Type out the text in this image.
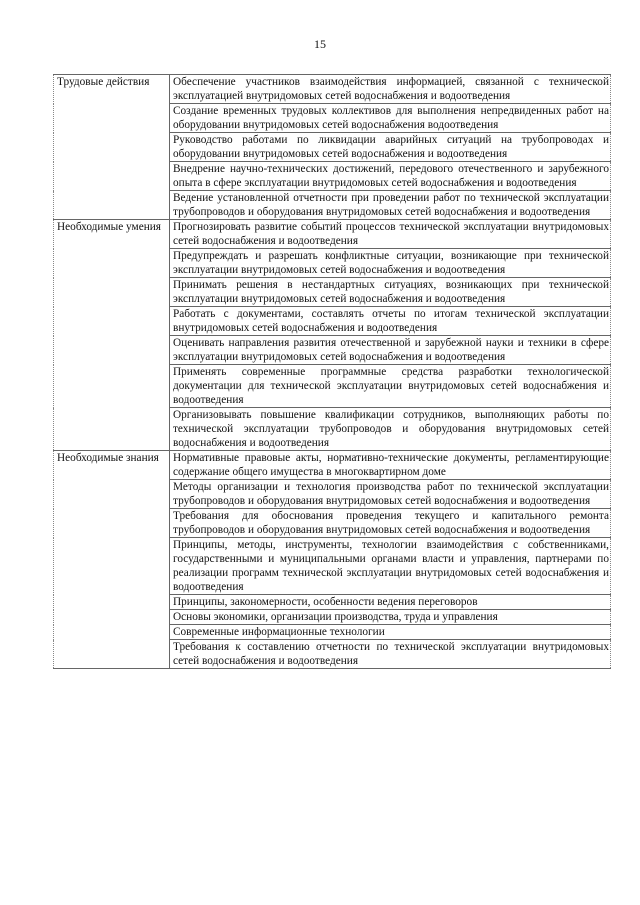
15
Трудовые действия	Обеспечение участников взаимодействия информацией, связанной с технической эксплуатацией внутридомовых сетей водоснабжения и водоотведения
	Создание временных трудовых коллективов для выполнения непредвиденных работ на оборудовании внутридомовых сетей водоснабжения водоотведения
	Руководство работами по ликвидации аварийных ситуаций на трубопроводах и оборудовании внутридомовых сетей водоснабжения и водоотведения
	Внедрение научно-технических достижений, передового отечественного и зарубежного опыта в сфере эксплуатации внутридомовых сетей водоснабжения и водоотведения
	Ведение установленной отчетности при проведении работ по технической эксплуатации трубопроводов и оборудования внутридомовых сетей водоснабжения и водоотведения
Необходимые умения	Прогнозировать развитие событий процессов технической эксплуатации внутридомовых сетей водоснабжения и водоотведения
	Предупреждать и разрешать конфликтные ситуации, возникающие при технической эксплуатации внутридомовых сетей водоснабжения и водоотведения
	Принимать решения в нестандартных ситуациях, возникающих при технической эксплуатации внутридомовых сетей водоснабжения и водоотведения
	Работать с документами, составлять отчеты по итогам технической эксплуатации внутридомовых сетей водоснабжения и водоотведения
	Оценивать направления развития отечественной и зарубежной науки и техники в сфере эксплуатации внутридомовых сетей водоснабжения и водоотведения
	Применять современные программные средства разработки технологической документации для технической эксплуатации внутридомовых сетей водоснабжения и водоотведения
	Организовывать повышение квалификации сотрудников, выполняющих работы по технической эксплуатации трубопроводов и оборудования внутридомовых сетей водоснабжения и водоотведения
Необходимые знания	Нормативные правовые акты, нормативно-технические документы, регламентирующие содержание общего имущества в многоквартирном доме
	Методы организации и технология производства работ по технической эксплуатации трубопроводов и оборудования внутридомовых сетей водоснабжения и водоотведения
	Требования для обоснования проведения текущего и капитального ремонта трубопроводов и оборудования внутридомовых сетей водоснабжения и водоотведения
	Принципы, методы, инструменты, технологии взаимодействия с собственниками, государственными и муниципальными органами власти и управления, партнерами по реализации программ технической эксплуатации внутридомовых сетей водоснабжения и водоотведения
	Принципы, закономерности, особенности ведения переговоров
	Основы экономики, организации производства, труда и управления
	Современные информационные технологии
	Требования к составлению отчетности по технической эксплуатации внутридомовых сетей водоснабжения и водоотведения
